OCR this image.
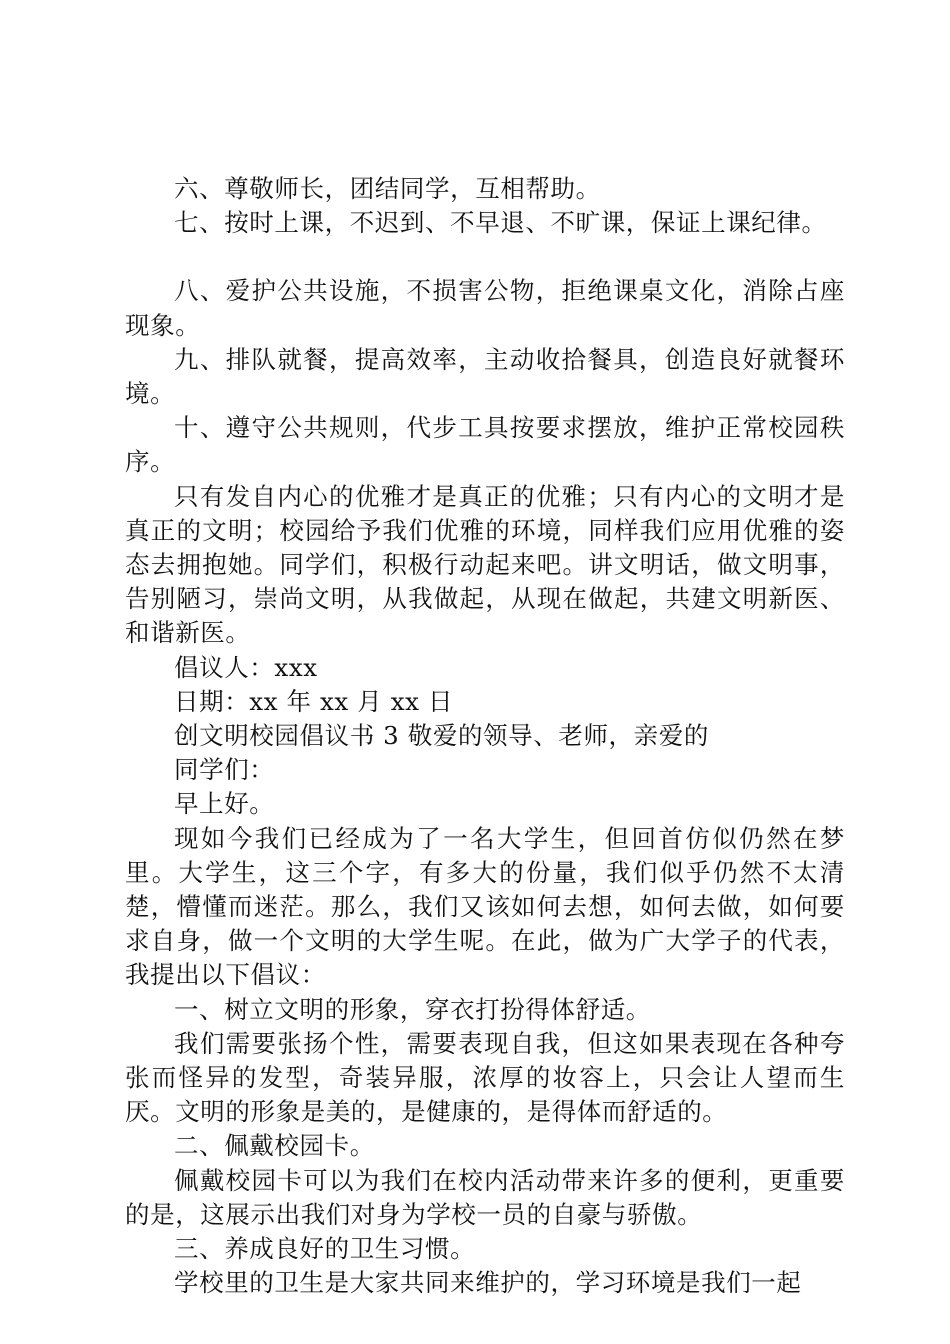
六、尊敬师长，团结同学，互相帮助。

七、按时上课，不迟到、不早退、不旷课，保证上课纪律。

八、爱护公共设施，不损害公物，拒绝课桌文化，消除占座现象。

九、排队就餐，提高效率，主动收拾餐具，创造良好就餐环境。

十、遵守公共规则，代步工具按要求摆放，维护正常校园秩序。

只有发自内心的优雅才是真正的优雅；只有内心的文明才是真正的文明；校园给予我们优雅的环境，同样我们应用优雅的姿态去拥抱她。同学们，积极行动起来吧。讲文明话，做文明事，告别陋习，崇尚文明，从我做起，从现在做起，共建文明新医、和谐新医。

倡议人：xxx

日期：xx 年 xx 月 xx 日

创文明校园倡议书 3 敬爱的领导、老师，亲爱的

同学们：

早上好。

现如今我们已经成为了一名大学生，但回首仿似仍然在梦里。大学生，这三个字，有多大的份量，我们似乎仍然不太清楚，懵懂而迷茫。那么，我们又该如何去想，如何去做，如何要求自身，做一个文明的大学生呢。在此，做为广大学子的代表，我提出以下倡议：

一、树立文明的形象，穿衣打扮得体舒适。

我们需要张扬个性，需要表现自我，但这如果表现在各种夸张而怪异的发型，奇装异服，浓厚的妆容上，只会让人望而生厌。文明的形象是美的，是健康的，是得体而舒适的。

二、佩戴校园卡。

佩戴校园卡可以为我们在校内活动带来许多的便利，更重要的是，这展示出我们对身为学校一员的自豪与骄傲。

三、养成良好的卫生习惯。

学校里的卫生是大家共同来维护的，学习环境是我们一起
